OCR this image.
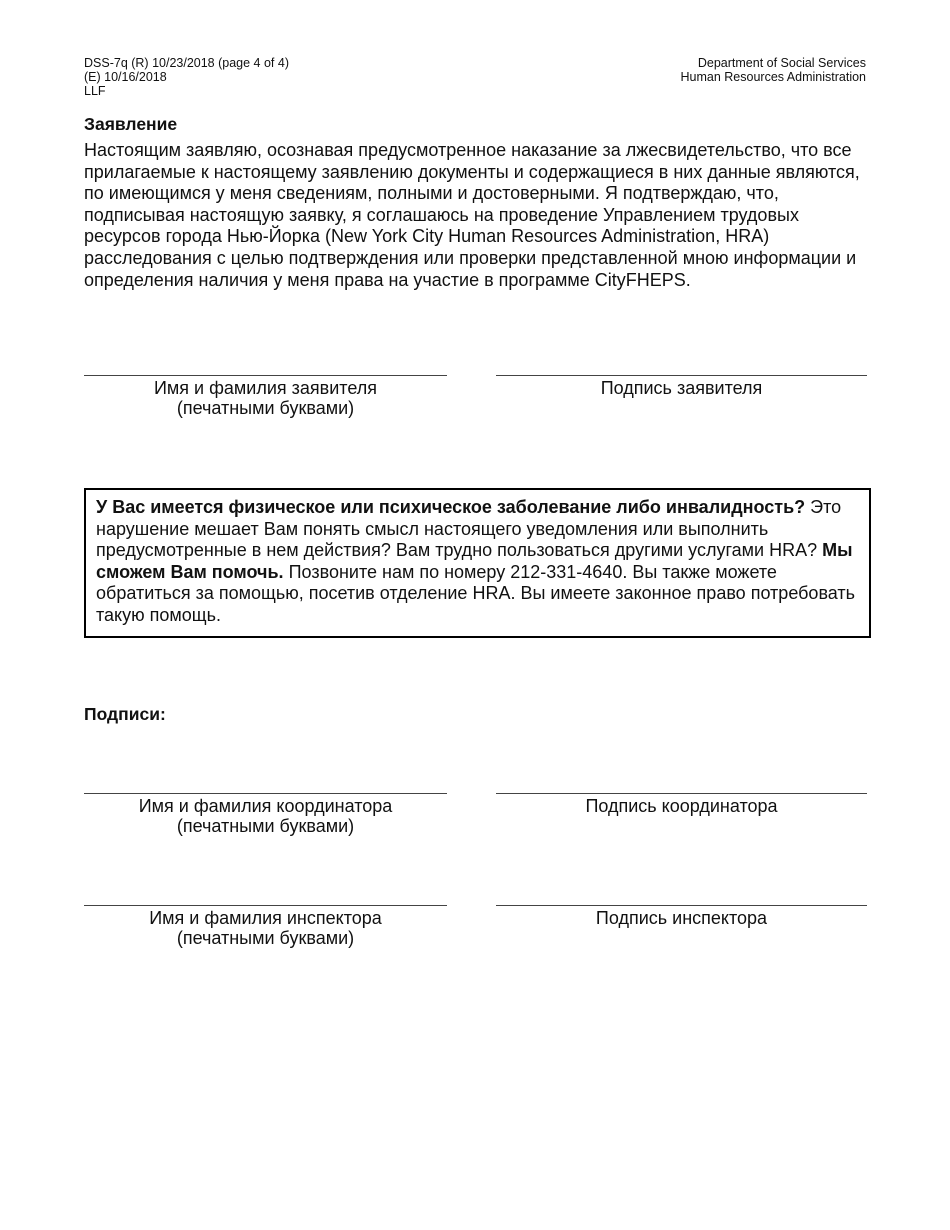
DSS-7q (R) 10/23/2018 (page 4 of 4)
(E) 10/16/2018
LLF
Department of Social Services
Human Resources Administration
Заявление
Настоящим заявляю, осознавая предусмотренное наказание за лжесвидетельство, что все прилагаемые к настоящему заявлению документы и содержащиеся в них данные являются, по имеющимся у меня сведениям, полными и достоверными. Я подтверждаю, что, подписывая настоящую заявку, я соглашаюсь на проведение Управлением трудовых ресурсов города Нью-Йорка (New York City Human Resources Administration, HRA) расследования с целью подтверждения или проверки представленной мною информации и определения наличия у меня права на участие в программе CityFHEPS.
Имя и фамилия заявителя
(печатными буквами)
Подпись заявителя
У Вас имеется физическое или психическое заболевание либо инвалидность? Это нарушение мешает Вам понять смысл настоящего уведомления или выполнить предусмотренные в нем действия? Вам трудно пользоваться другими услугами HRA? Мы сможем Вам помочь. Позвоните нам по номеру 212-331-4640. Вы также можете обратиться за помощью, посетив отделение HRA. Вы имеете законное право потребовать такую помощь.
Подписи:
Имя и фамилия координатора
(печатными буквами)
Подпись координатора
Имя и фамилия инспектора
(печатными буквами)
Подпись инспектора
